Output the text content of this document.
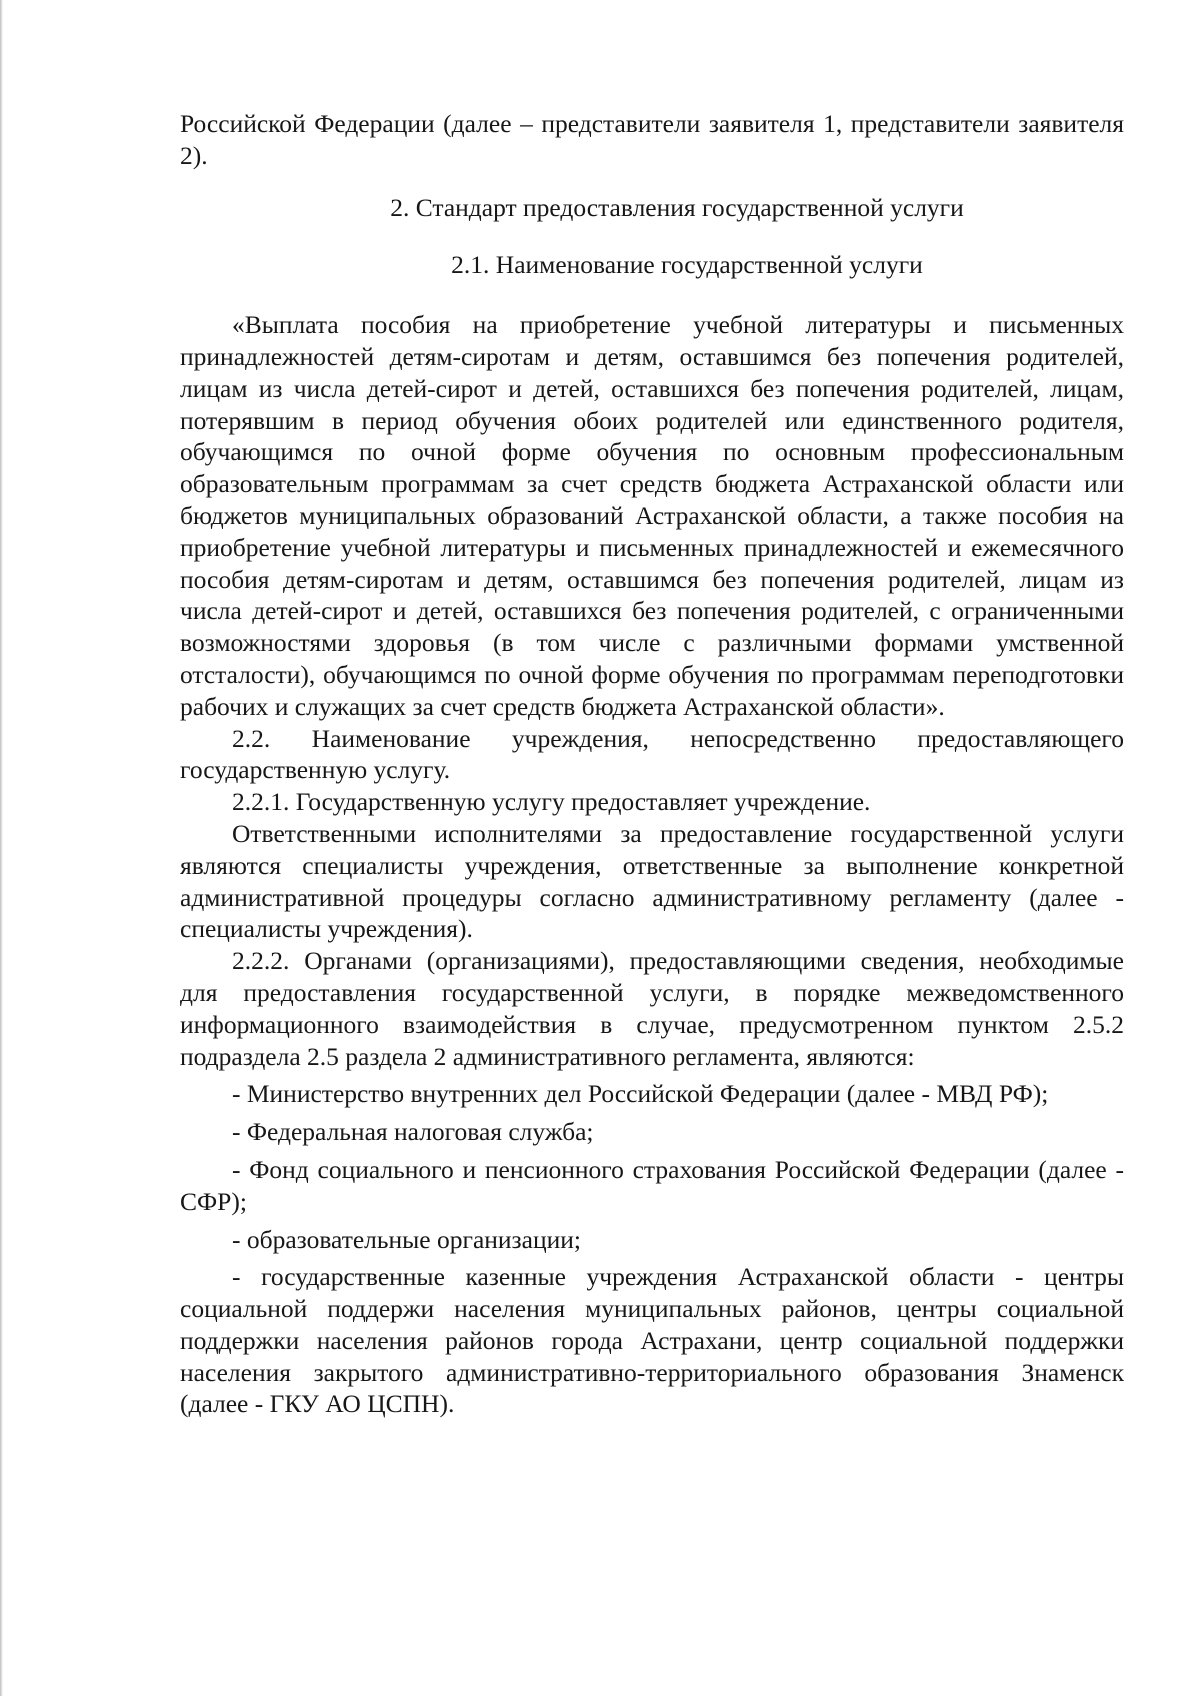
Российской Федерации (далее – представители заявителя 1, представители заявителя 2).

2. Стандарт предоставления государственной услуги

2.1. Наименование государственной услуги

«Выплата пособия на приобретение учебной литературы и письменных принадлежностей детям-сиротам и детям, оставшимся без попечения родителей, лицам из числа детей-сирот и детей, оставшихся без попечения родителей, лицам, потерявшим в период обучения обоих родителей или единственного родителя, обучающимся по очной форме обучения по основным профессиональным образовательным программам за счет средств бюджета Астраханской области или бюджетов муниципальных образований Астраханской области, а также пособия на приобретение учебной литературы и письменных принадлежностей и ежемесячного пособия детям-сиротам и детям, оставшимся без попечения родителей, лицам из числа детей-сирот и детей, оставшихся без попечения родителей, с ограниченными возможностями здоровья (в том числе с различными формами умственной отсталости), обучающимся по очной форме обучения по программам переподготовки рабочих и служащих за счет средств бюджета Астраханской области».

2.2. Наименование учреждения, непосредственно предоставляющего государственную услугу.

2.2.1. Государственную услугу предоставляет учреждение.

Ответственными исполнителями за предоставление государственной услуги являются специалисты учреждения, ответственные за выполнение конкретной административной процедуры согласно административному регламенту (далее - специалисты учреждения).

2.2.2. Органами (организациями), предоставляющими сведения, необходимые для предоставления государственной услуги, в порядке межведомственного информационного взаимодействия в случае, предусмотренном пунктом 2.5.2 подраздела 2.5 раздела 2 административного регламента, являются:

- Министерство внутренних дел Российской Федерации (далее - МВД РФ);

- Федеральная налоговая служба;

- Фонд социального и пенсионного страхования Российской Федерации (далее - СФР);

- образовательные организации;

- государственные казенные учреждения Астраханской области - центры социальной поддержи населения муниципальных районов, центры социальной поддержки населения районов города Астрахани, центр социальной поддержки населения закрытого административно-территориального образования Знаменск (далее - ГКУ АО ЦСПН).
